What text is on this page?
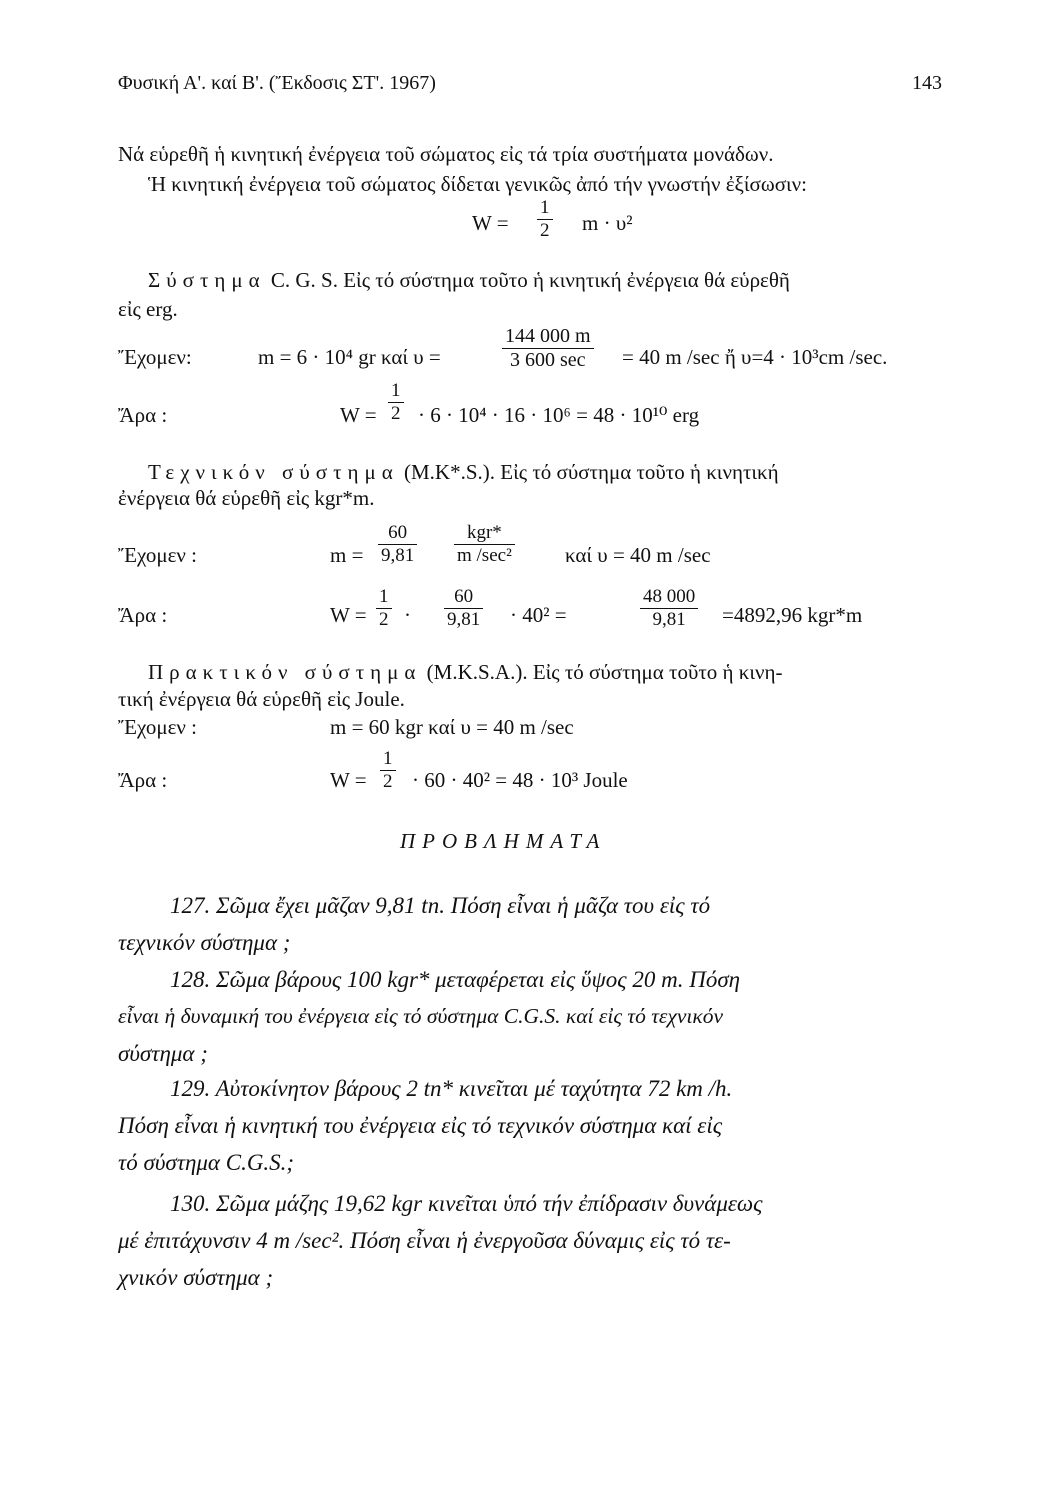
Φυσική Α'. καί Β'. (Ἔκδοσις ΣΤ'. 1967)	143
Νά εὑρεθῆ ἡ κινητική ἐνέργεια τοῦ σώματος εἰς τά τρία συστήματα μονάδων.
Ἡ κινητική ἐνέργεια τοῦ σώματος δίδεται γενικῶς ἀπό τήν γνωστήν ἐξίσωσιν:
$W = \frac{1}{2}$ m · υ²
Σύστημα C. G. S. Εἰς τό σύστημα τοῦτο ἡ κινητική ἐνέργεια θά εὑρεθῆ
εἰς erg.
Ἔχομεν:	m = 6 · 10⁴ gr καί υ =
144 000 m
3 600 sec	= 40 m /sec ἤ υ=4 · 10³cm /sec.
Ἄρα :	$W = \frac{1}{2} \cdot 6 \cdot 10^4 \cdot 16 \cdot 10^6 = 48 \cdot 10^{10}$ erg
Τεχνικόν σύστημα (M.K*.S.). Εἰς τό σύστημα τοῦτο ἡ κινητική
ἐνέργεια θά εὑρεθῆ εἰς kgr*m.
Ἔχομεν :	$m = \frac{60}{9,81}$	kgr*
m /sec²	καί υ = 40 m /sec
Ἄρα :	$W = \frac{1}{2} \cdot \frac{60}{9,81} \cdot 40^2$ =	$\frac{48 000}{9,81} =4892,96$ kgr*m
Πρακτικόν σύστημα (M.K.S.A.). Εἰς τό σύστημα τοῦτο ἡ κινη-
τική ἐνέργεια θά εὑρεθῆ εἰς Joule.
Ἔχομεν :	m = 60 kgr καί υ = 40 m /sec
Ἄρα :	$W = \frac{1}{2} \cdot 60 \cdot 40^2 = 48 \cdot 10^3$ Joule
ΠΡΟΒΛΗΜΑΤΑ
127. Σῶμα ἔχει μᾶζαν 9,81 tn. Πόση εἶναι ἡ μᾶζα του εἰς τό
τεχνικόν σύστημα ;
128. Σῶμα βάρους 100 kgr* μεταφέρεται εἰς ὕψος 20 m. Πόση
εἶναι ἡ δυναμική του ἐνέργεια εἰς τό σύστημα C.G.S. καί εἰς τό τεχνικόν
σύστημα ;
129. Αὐτοκίνητον βάρους 2 tn* κινεῖται μέ ταχύτητα 72 km /h.
Πόση εἶναι ἡ κινητική του ἐνέργεια εἰς τό τεχνικόν σύστημα καί εἰς
τό σύστημα C.G.S.;
130. Σῶμα μάζης 19,62 kgr κινεῖται ὑπό τήν ἐπίδρασιν δυνάμεως
μέ ἐπιτάχυνσιν 4 m /sec². Πόση εἶναι ἡ ἐνεργοῦσα δύναμις εἰς τό τε-
χνικόν σύστημα ;
